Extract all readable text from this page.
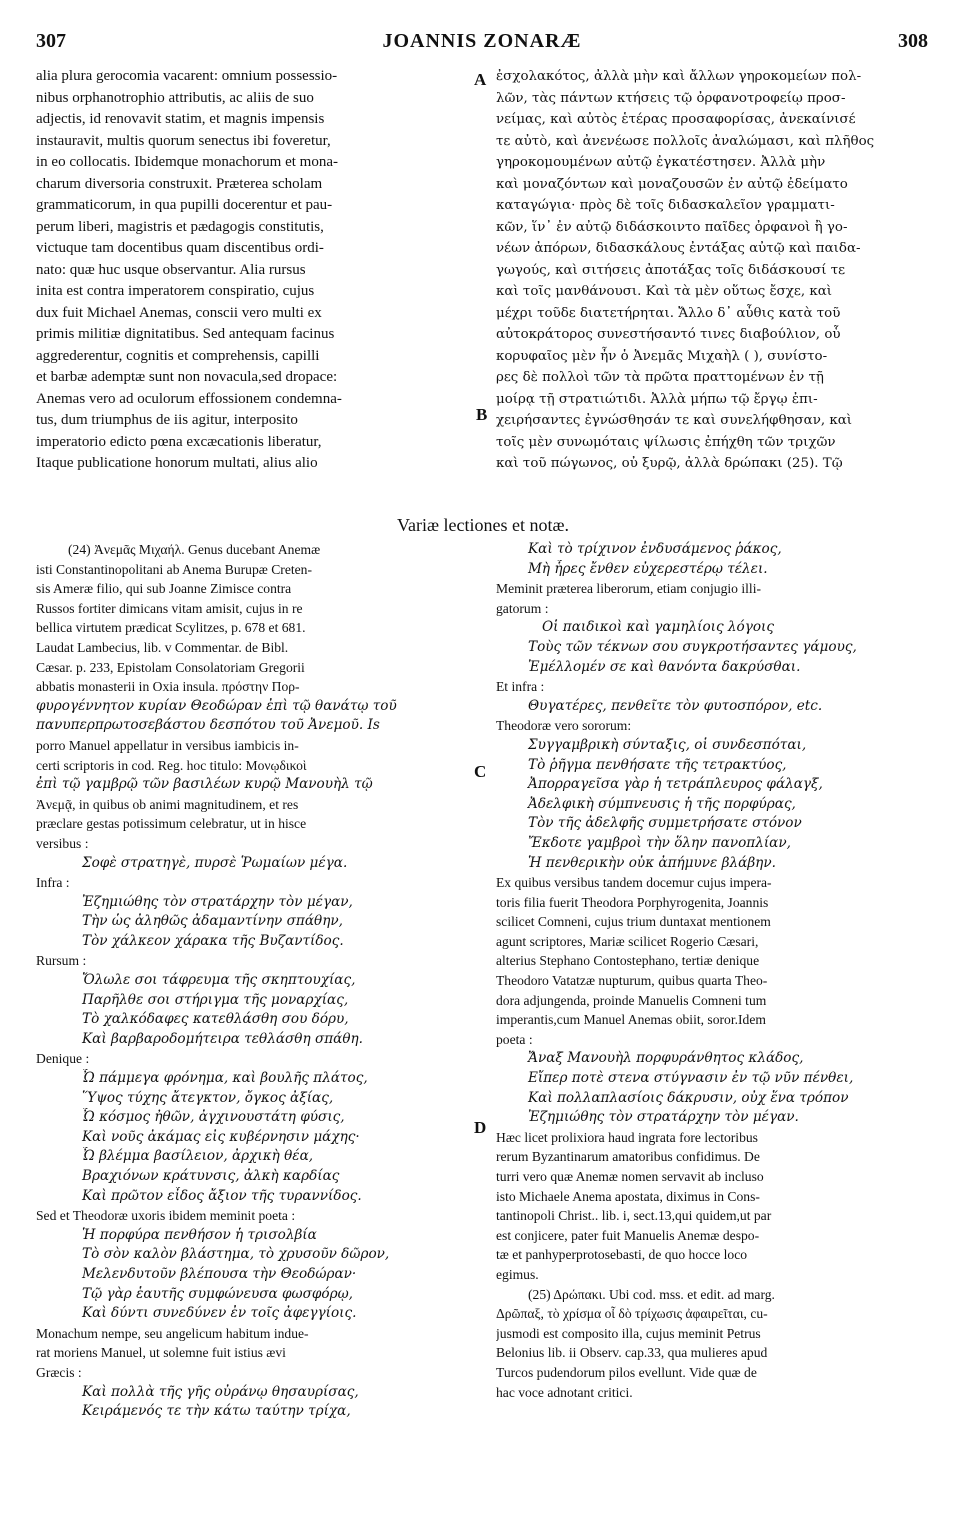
307	JOANNIS ZONARÆ	308
alia plura gerocomia vacarent: omnium possessio-
nibus orphanotrophio attributis, ac aliis de suo
adjectis, id renovavit statim, et magnis impensis
instauravit, multis quorum senectus ibi foveretur,
in eo collocatis. Ibidemque monachorum et mona-
charum diversoria construxit. Præterea scholam
grammaticorum, in qua pupilli docerentur et pau-
perum liberi, magistris et pædagogis constitutis,
victuque tam docentibus quam discentibus ordi-
nato: quæ huc usque observantur. Alia rursus
inita est contra imperatorem conspiratio, cujus
dux fuit Michael Anemas, conscii vero multi ex
primis militiæ dignitatibus. Sed antequam facinus
aggrederentur, cognitis et comprehensis, capilli
et barbæ ademptæ sunt non novacula,sed dropace:
Anemas vero ad oculorum effossionem condemna-
tus, dum triumphus de iis agitur, interposito
imperatorio edicto pœna excæcationis liberatur,
Itaque publicatione honorum multati, alius alio
ἐσχολακότος, ἀλλὰ μὴν καὶ ἄλλων γηροκομείων πολ-
λῶν, τὰς πάντων κτήσεις τῷ ὀρφανοτροφείῳ προσ-
νείμας, καὶ αὐτὸς ἑτέρας προσαφορίσας, ἀνεκαίνισέ
τε αὐτὸ, καὶ ἀνενέωσε πολλοῖς ἀναλώμασι, καὶ πλῆθος
γηροκομουμένων αὐτῷ ἐγκατέστησεν. Ἀλλὰ μὴν
καὶ μοναζόντων καὶ μοναζουσῶν ἐν αὐτῷ ἐδείματο
καταγώγια· πρὸς δὲ τοῖς διδασκαλεῖον γραμματι-
κῶν, ἵν᾽ ἐν αὐτῷ διδάσκοιντο παῖδες ὀρφανοὶ ἢ γο-
νέων ἀπόρων, διδασκάλους ἐντάξας αὐτῷ καὶ παιδα-
γωγούς, καὶ σιτήσεις ἀποτάξας τοῖς διδάσκουσί τε
καὶ τοῖς μανθάνουσι. Καὶ τὰ μὲν οὕτως ἔσχε, καὶ
μέχρι τοῦδε διατετήρηται. Ἄλλο δ᾽ αὖθις κατὰ τοῦ
αὐτοκράτορος συνεστήσαντό τινες διαβούλιον, οὗ
κορυφαῖος μὲν ἦν ὁ Ἀνεμᾶς Μιχαὴλ ( ), συνίστο-
ρες δὲ πολλοὶ τῶν τὰ πρῶτα πραττομένων ἐν τῇ
μοίρᾳ τῇ στρατιώτιδι. Ἀλλὰ μήπω τῷ ἔργῳ ἐπι-
χειρήσαντες ἐγνώσθησάν τε καὶ συνελήφθησαν, καὶ
τοῖς μὲν συνωμόταις ψίλωσις ἐπήχθη τῶν τριχῶν
καὶ τοῦ πώγωνος, οὐ ξυρῷ, ἀλλὰ δρώπακι (25). Τῷ
A
B
Variæ lectiones et notæ.
(24) Ἀνεμᾶς Μιχαήλ. Genus ducebant Anemæ
isti Constantinopolitani ab Anema Burupæ Creten-
sis Ameræ filio, qui sub Joanne Zimisce contra
Russos fortiter dimicans vitam amisit, cujus in re
bellica virtutem prædicat Scylitzes, p. 678 et 681.
Laudat Lambecius, lib. v Commentar. de Bibl.
Cæsar. p. 233, Epistolam Consolatoriam Gregorii
abbatis monasterii in Oxia insula. πρόστην Πορ-
φυρογέννητον κυρίαν Θεοδώραν ἐπὶ τῷ θανάτῳ τοῦ
πανυπερπρωτοσεβάστου δεσπότου τοῦ Ἀνεμοῦ. Is
porro Manuel appellatur in versibus iambicis in-
certi scriptoris in cod. Reg. hoc titulo: Μονῳδικοὶ
ἐπὶ τῷ γαμβρῷ τῶν βασιλέων κυρῷ Μανουὴλ τῷ
Ἀνεμᾷ, in quibus ob animi magnitudinem, et res
præclare gestas potissimum celebratur, ut in hisce
versibus :
Σοφὲ στρατηγὲ, πυρσὲ Ῥωμαίων μέγα.
Infra :
Ἐζημιώθης τὸν στρατάρχην τὸν μέγαν,
Τὴν ὡς ἀληθῶς ἀδαμαντίνην σπάθην,
Τὸν χάλκεον χάρακα τῆς Βυζαντίδος.
Rursum :
Ὄλωλε σοι τάφρευμα τῆς σκηπτουχίας,
Παρῆλθε σοι στήριγμα τῆς μοναρχίας,
Τὸ χαλκόδαφες κατεθλάσθη σου δόρυ,
Καὶ βαρβαροδομήτειρα τεθλάσθη σπάθη.
Denique :
Ὦ πάμμεγα φρόνημα, καὶ βουλῆς πλάτος,
Ὕψος τύχης ἄτεγκτον, ὄγκος ἀξίας,
Ὦ κόσμος ἠθῶν, ἀγχινουστάτη φύσις,
Καὶ νοῦς ἀκάμας εἰς κυβέρνησιν μάχης·
Ὦ βλέμμα βασίλειον, ἀρχικὴ θέα,
Βραχιόνων κράτυνσις, ἀλκὴ καρδίας
Καὶ πρῶτον εἶδος ἄξιον τῆς τυραννίδος.
Sed et Theodoræ uxoris ibidem meminit poeta :
Ἡ πορφύρα πενθήσον ἡ τρισολβία
Τὸ σὸν καλὸν βλάστημα, τὸ χρυσοῦν δῶρον,
Μελενδυτοῦν βλέπουσα τὴν Θεοδώραν·
Τῷ γὰρ ἑαυτῆς συμφώνευσα φωσφόρῳ,
Καὶ δύντι συνεδύνεν ἐν τοῖς ἀφεγγίοις.
Monachum nempe, seu angelicum habitum indue-
rat moriens Manuel, ut solemne fuit istius ævi
Græcis :
Καὶ πολλὰ τῆς γῆς οὐράνῳ θησαυρίσας,
Κειράμενός τε τὴν κάτω ταύτην τρίχα,
Καὶ τὸ τρίχινον ἐνδυσάμενος ῥάκος,
Μὴ ἧρες ἔνθεν εὐχερεστέρῳ τέλει.
Meminit præterea liberorum, etiam conjugio illi-
gatorum :
Οἱ παιδικοὶ καὶ γαμηλίοις λόγοις
Τοὺς τῶν τέκνων σου συγκροτήσαντες γάμους,
Ἐμέλλομέν σε καὶ θανόντα δακρύσθαι.
Et infra :
Θυγατέρες, πενθεῖτε τὸν φυτοσπόρον, etc.
Theodoræ vero sororum:
Συγγαμβρικὴ σύνταξις, οἱ συνδεσπόται,
Τὸ ῥῆγμα πενθήσατε τῆς τετρακτύος,
Ἀπορραγεῖσα γὰρ ἡ τετράπλευρος φάλαγξ,
Ἀδελφικὴ σύμπνευσις ἡ τῆς πορφύρας,
Τὸν τῆς ἀδελφῆς συμμετρήσατε στόνον
Ἔκδοτε γαμβροὶ τὴν ὅλην πανοπλίαν,
Ἡ πενθερικὴν οὐκ ἀπήμυνε βλάβην.
Ex quibus versibus tandem docemur cujus impera-
toris filia fuerit Theodora Porphyrogenita, Joannis
scilicet Comneni, cujus trium duntaxat mentionem
agunt scriptores, Mariæ scilicet Rogerio Cæsari,
alterius Stephano Contostephano, tertiæ denique
Theodoro Vatatzæ nupturum, quibus quarta Theo-
dora adjungenda, proinde Manuelis Comneni tum
imperantis,cum Manuel Anemas obiit, soror.Idem
poeta :
Ἄναξ Μανουὴλ πορφυράνθητος κλάδος,
Εἴπερ ποτὲ στενα στύγνασιν ἐν τῷ νῦν πένθει,
Καὶ πολλαπλασίοις δάκρυσιν, οὐχ ἕνα τρόπον
Ἐζημιώθης τὸν στρατάρχην τὸν μέγαν.
Hæc licet prolixiora haud ingrata fore lectoribus
rerum Byzantinarum amatoribus confidimus. De
turri vero quæ Anemæ nomen servavit ab incluso
isto Michaele Anema apostata, diximus in Cons-
tantinopoli Christ.. lib. i, sect.13,qui quidem,ut par
est conjicere, pater fuit Manuelis Anemæ despo-
tæ et panhyperprotosebasti, de quo hocce loco
egimus.
(25) Δρώπακι. Ubi cod. mss. et edit. ad marg.
Δρῶπαξ, τὸ χρίσμα οἷ δὸ τρίχωσις ἀφαιρεῖται, cu-
jusmodi est composito illa, cujus meminit Petrus
Belonius lib. ii Observ. cap.33, qua mulieres apud
Turcos pudendorum pilos evellunt. Vide quæ de
hac voce adnotant critici.
C
D
